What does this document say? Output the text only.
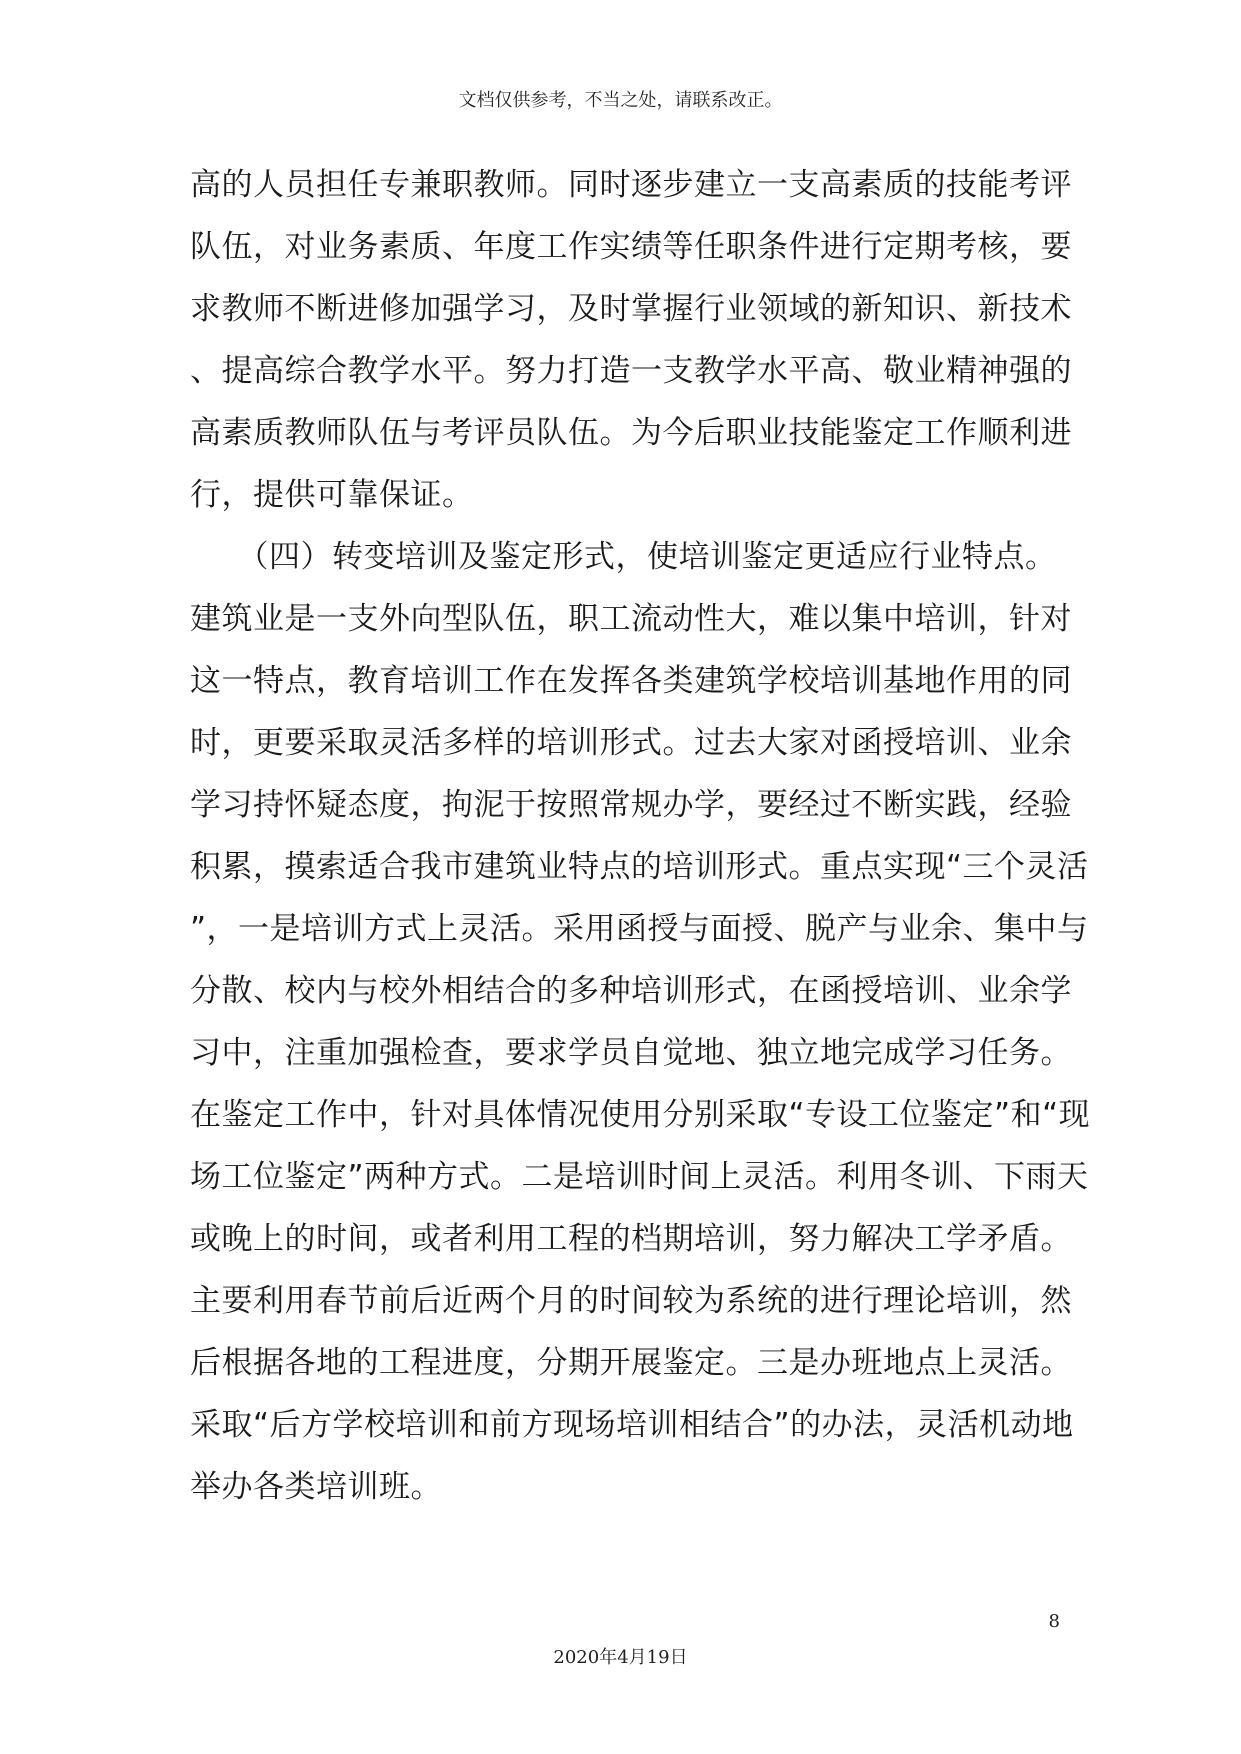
文档仅供参考，不当之处，请联系改正。
高的人员担任专兼职教师。同时逐步建立一支高素质的技能考评
队伍，对业务素质、年度工作实绩等任职条件进行定期考核，要
求教师不断进修加强学习，及时掌握行业领域的新知识、新技术
、提高综合教学水平。努力打造一支教学水平高、敬业精神强的
高素质教师队伍与考评员队伍。为今后职业技能鉴定工作顺利进
行，提供可靠保证。
　　（四）转变培训及鉴定形式，使培训鉴定更适应行业特点。
建筑业是一支外向型队伍，职工流动性大，难以集中培训，针对
这一特点，教育培训工作在发挥各类建筑学校培训基地作用的同
时，更要采取灵活多样的培训形式。过去大家对函授培训、业余
学习持怀疑态度，拘泥于按照常规办学，要经过不断实践，经验
积累，摸索适合我市建筑业特点的培训形式。重点实现“三个灵活
”，一是培训方式上灵活。采用函授与面授、脱产与业余、集中与
分散、校内与校外相结合的多种培训形式，在函授培训、业余学
习中，注重加强检查，要求学员自觉地、独立地完成学习任务。
在鉴定工作中，针对具体情况使用分别采取“专设工位鉴定”和“现
场工位鉴定”两种方式。二是培训时间上灵活。利用冬训、下雨天
或晚上的时间，或者利用工程的档期培训，努力解决工学矛盾。
主要利用春节前后近两个月的时间较为系统的进行理论培训，然
后根据各地的工程进度，分期开展鉴定。三是办班地点上灵活。
采取“后方学校培训和前方现场培训相结合”的办法，灵活机动地
举办各类培训班。
8
2020年4月19日
